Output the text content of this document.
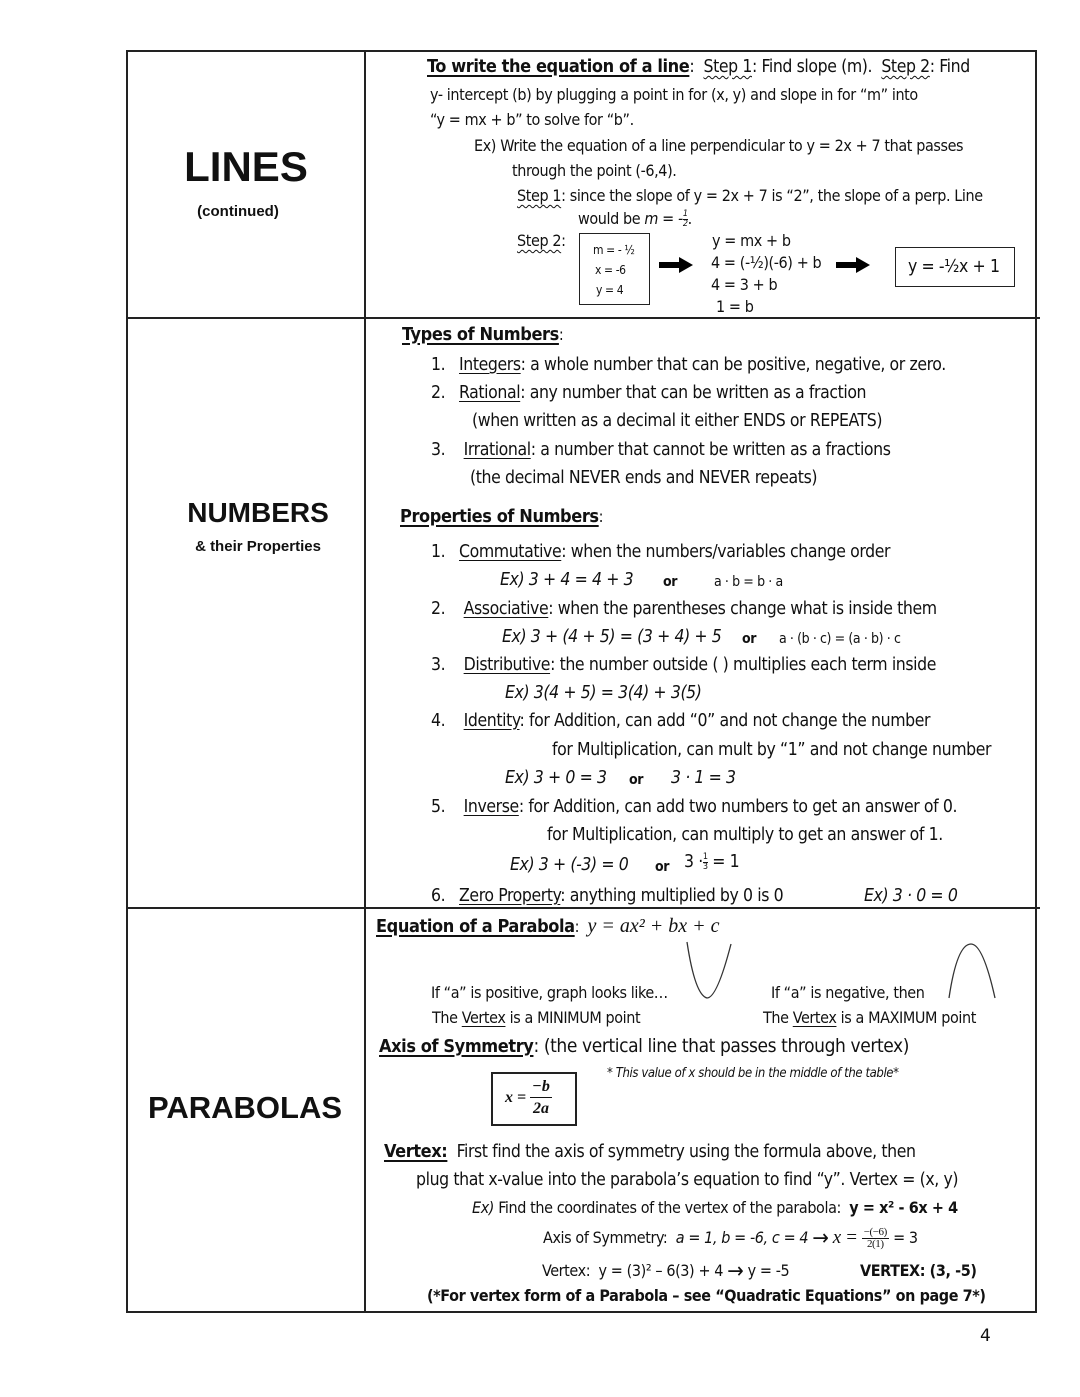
LINES
(continued)
To write the equation of a line: Step 1: Find slope (m). Step 2: Find
y- intercept (b) by plugging a point in for (x, y) and slope in for “m” into
“y = mx + b” to solve for “b”.
Ex) Write the equation of a line perpendicular to y = 2x + 7 that passes
through the point (-6,4).
Step 1: since the slope of y = 2x + 7 is “2”, the slope of a perp. Line
would be m = - $\frac{1}{2}$ .
Step 2: m = - ½
x = -6
y = 4
y = mx + b
4 = (-½)(-6) + b
4 = 3 + b
1 = b
y = -½x + 1
NUMBERS
& their Properties
Types of Numbers:
1. Integers: a whole number that can be positive, negative, or zero.
2. Rational: any number that can be written as a fraction
(when written as a decimal it either ENDS or REPEATS)
3. Irrational: a number that cannot be written as a fractions
(the decimal NEVER ends and NEVER repeats)
Properties of Numbers:
1. Commutative: when the numbers/variables change order
Ex) 3 + 4 = 4 + 3 or	a · b = b · a
2. Associative: when the parentheses change what is inside them
Ex) 3 + (4 + 5) = (3 + 4) + 5 or a · (b · c) = (a · b) · c
3. Distributive: the number outside ( ) multiplies each term inside
Ex) 3(4 + 5) = 3(4) + 3(5)
4. Identity: for Addition, can add “0” and not change the number
for Multiplication, can mult by “1” and not change number
Ex) 3 + 0 = 3 or 3 · 1 = 3
5. Inverse: for Addition, can add two numbers to get an answer of 0.
for Multiplication, can multiply to get an answer of 1.
Ex) 3 + (-3) = 0 or $3 \cdot \frac{1}{3} = 1$
6. Zero Property: anything multiplied by 0 is 0	Ex) 3 · 0 = 0
PARABOLAS
Equation of a Parabola: y = ax² + bx + c
If “a” is positive, graph looks like…	If “a” is negative, then
The Vertex is a MINIMUM point	The Vertex is a MAXIMUM point
Axis of Symmetry: (the vertical line that passes through vertex)
* This value of x should be in the middle of the table*
$x = \frac{-b}{2a}$
Vertex: First find the axis of symmetry using the formula above, then
plug that x-value into the parabola’s equation to find “y”. Vertex = (x, y)
Ex) Find the coordinates of the vertex of the parabola: y = x² - 6x + 4
Axis of Symmetry: a = 1, b = -6, $c = 4 \to x = \frac{-(-6)}{2(1)} = 3$
Vertex: y = (3)² – 6(3) + 4 → y = -5	VERTEX: (3, -5)
(*For vertex form of a Parabola – see “Quadratic Equations” on page 7*)
4
